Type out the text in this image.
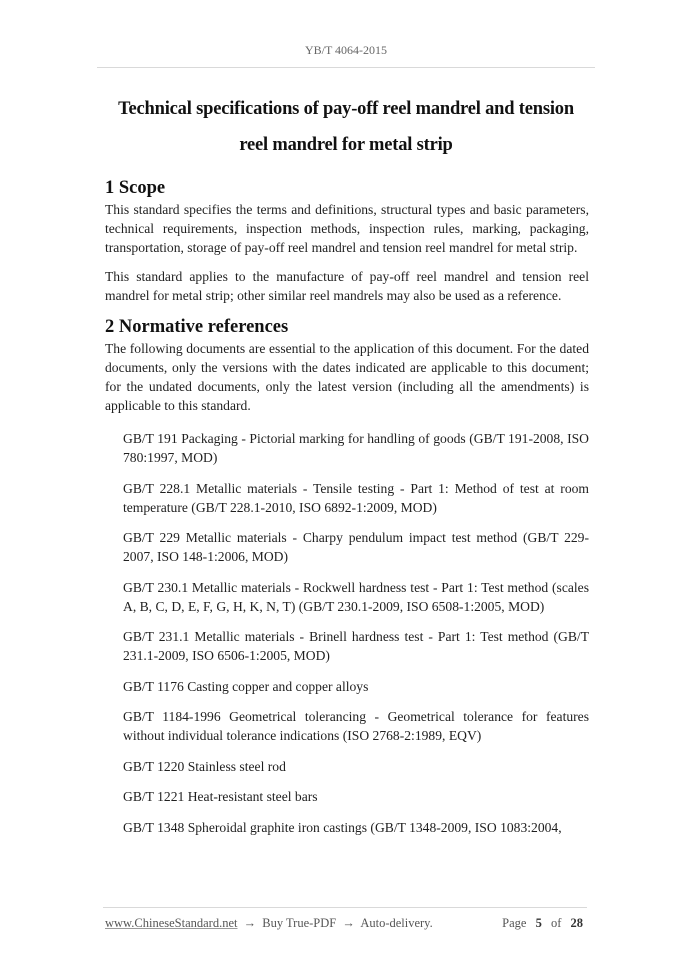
YB/T 4064-2015
Technical specifications of pay-off reel mandrel and tension
reel mandrel for metal strip
1 Scope

This standard specifies the terms and definitions, structural types and basic parameters, technical requirements, inspection methods, inspection rules, marking, packaging, transportation, storage of pay-off reel mandrel and tension reel mandrel for metal strip.

This standard applies to the manufacture of pay-off reel mandrel and tension reel mandrel for metal strip; other similar reel mandrels may also be used as a reference.

2 Normative references

The following documents are essential to the application of this document. For the dated documents, only the versions with the dates indicated are applicable to this document; for the undated documents, only the latest version (including all the amendments) is applicable to this standard.

GB/T 191 Packaging - Pictorial marking for handling of goods (GB/T 191-2008, ISO 780:1997, MOD)
GB/T 228.1 Metallic materials - Tensile testing - Part 1: Method of test at room temperature (GB/T 228.1-2010, ISO 6892-1:2009, MOD)
GB/T 229 Metallic materials - Charpy pendulum impact test method (GB/T 229-2007, ISO 148-1:2006, MOD)
GB/T 230.1 Metallic materials - Rockwell hardness test - Part 1: Test method (scales A, B, C, D, E, F, G, H, K, N, T) (GB/T 230.1-2009, ISO 6508-1:2005, MOD)
GB/T 231.1 Metallic materials - Brinell hardness test - Part 1: Test method (GB/T 231.1-2009, ISO 6506-1:2005, MOD)
GB/T 1176 Casting copper and copper alloys
GB/T 1184-1996 Geometrical tolerancing - Geometrical tolerance for features without individual tolerance indications (ISO 2768-2:1989, EQV)
GB/T 1220 Stainless steel rod
GB/T 1221 Heat-resistant steel bars
GB/T 1348 Spheroidal graphite iron castings (GB/T 1348-2009, ISO 1083:2004,
www.ChineseStandard.net → Buy True-PDF → Auto-delivery.	Page 5 of 28
